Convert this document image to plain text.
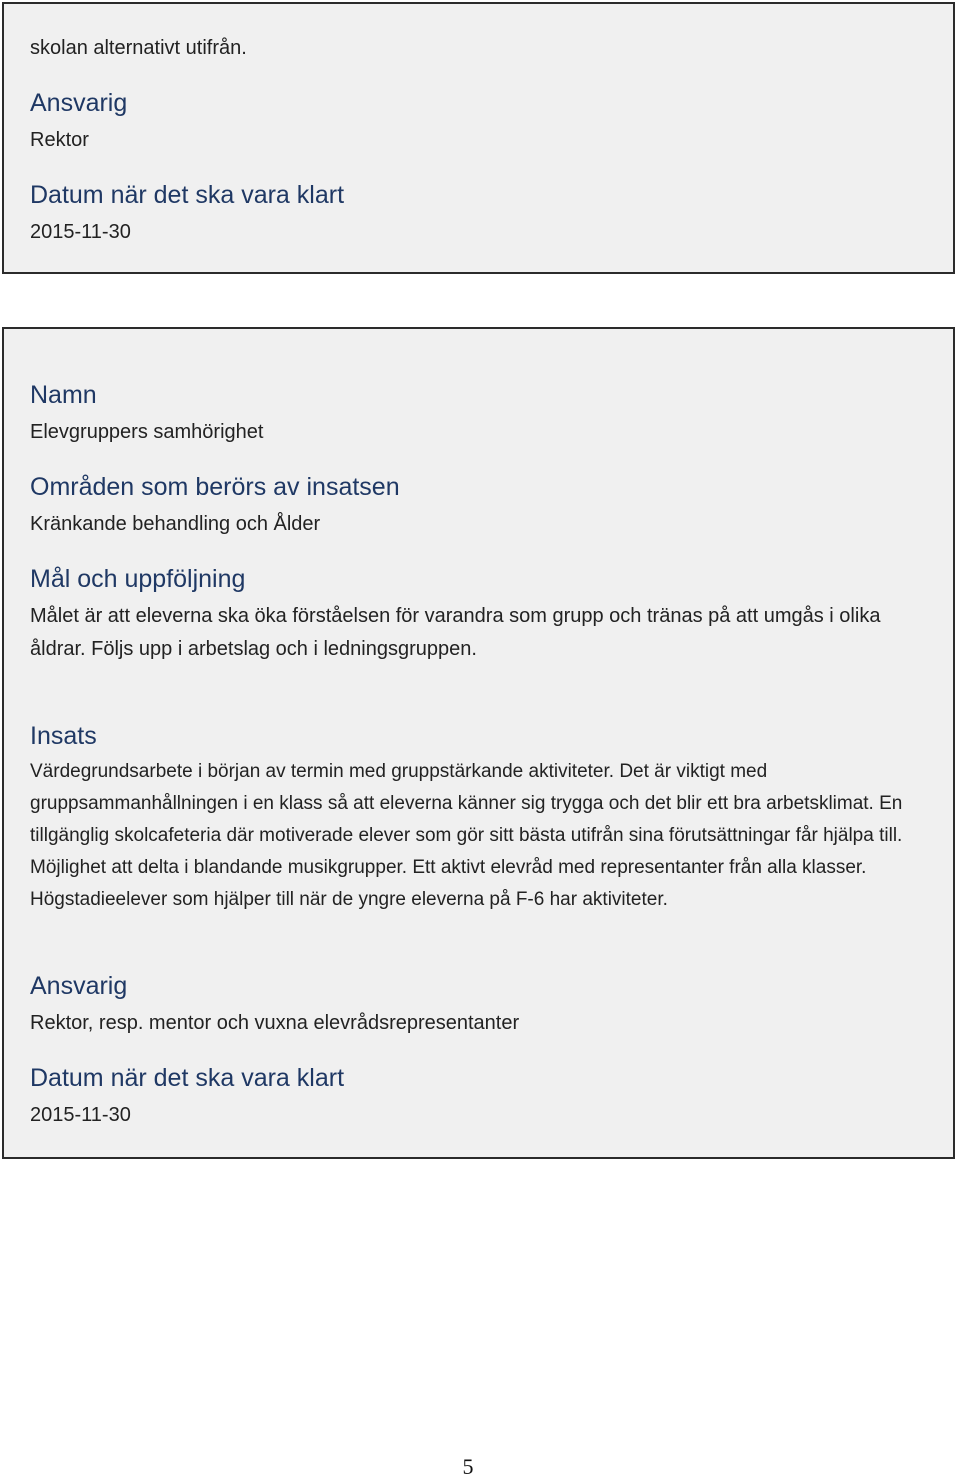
skolan alternativt utifrån.

Ansvarig

Rektor

Datum när det ska vara klart

2015-11-30

Namn

Elevgruppers samhörighet

Områden som berörs av insatsen

Kränkande behandling och Ålder

Mål och uppföljning

Målet är att eleverna ska öka förståelsen för varandra som grupp och tränas på att umgås i olika

åldrar. Följs upp i arbetslag och i ledningsgruppen.

Insats

Värdegrundsarbete i början av termin med gruppstärkande aktiviteter. Det är viktigt med gruppsammanhållningen i en klass så att eleverna känner sig trygga och det blir ett bra arbetsklimat. En tillgänglig skolcafeteria där motiverade elever som gör sitt bästa utifrån sina förutsättningar får hjälpa till. Möjlighet att delta i blandande musikgrupper. Ett aktivt elevråd med representanter från alla klasser. Högstadieelever som hjälper till när de yngre eleverna på F-6 har aktiviteter.

Ansvarig

Rektor, resp. mentor och vuxna elevrådsrepresentanter

Datum när det ska vara klart

2015-11-30

5
